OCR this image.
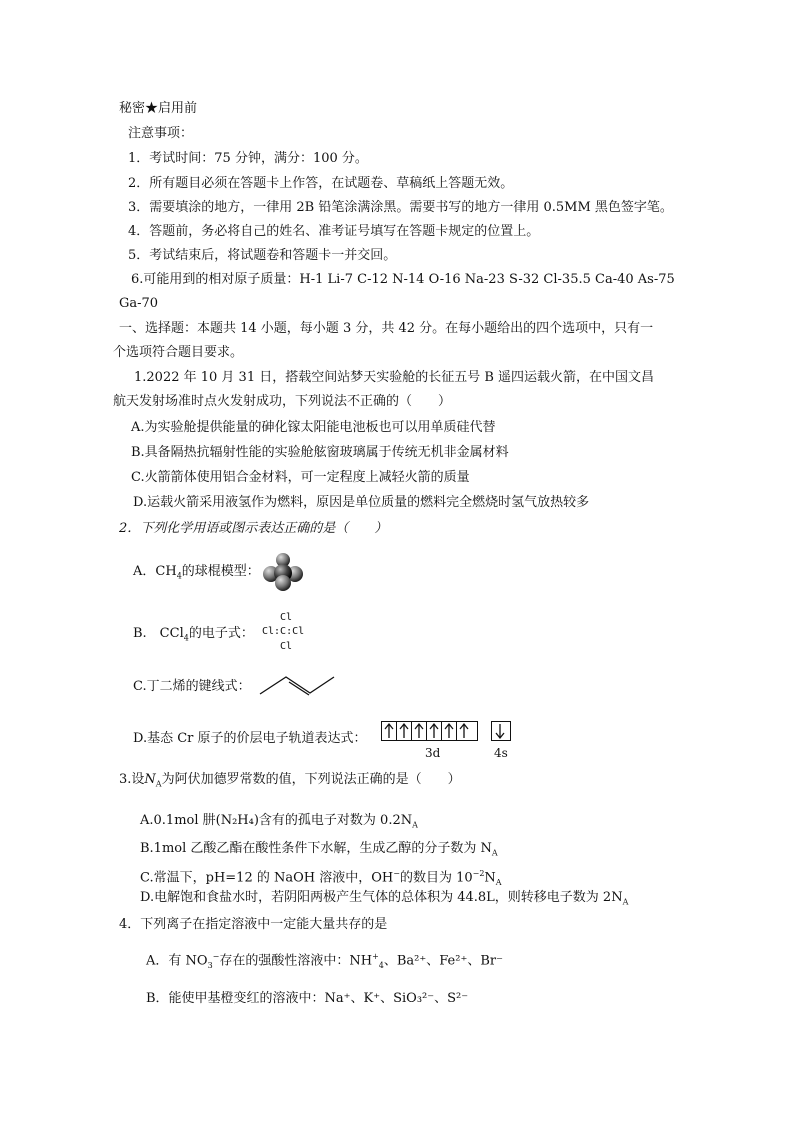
秘密★启用前
注意事项：
1．考试时间：75 分钟，满分：100 分。
2．所有题目必须在答题卡上作答，在试题卷、草稿纸上答题无效。
3．需要填涂的地方，一律用 2B 铅笔涂满涂黑。需要书写的地方一律用 0.5MM 黑色签字笔。
4．答题前，务必将自己的姓名、准考证号填写在答题卡规定的位置上。
5．考试结束后，将试题卷和答题卡一并交回。
6.可能用到的相对原子质量：H-1 Li-7 C-12 N-14 O-16 Na-23 S-32 Cl-35.5 Ca-40 As-75
Ga-70
一、选择题：本题共 14 小题，每小题 3 分，共 42 分。在每小题给出的四个选项中，只有一
个选项符合题目要求。
1.2022 年 10 月 31 日，搭载空间站梦天实验舱的长征五号 B 遥四运载火箭，在中国文昌
航天发射场准时点火发射成功，下列说法不正确的（　　）
A.为实验舱提供能量的砷化镓太阳能电池板也可以用单质硅代替
B.具备隔热抗辐射性能的实验舱舷窗玻璃属于传统无机非金属材料
C.火箭箭体使用铝合金材料，可一定程度上减轻火箭的质量
D.运载火箭采用液氢作为燃料，原因是单位质量的燃料完全燃烧时氢气放热较多
2．下列化学用语或图示表达正确的是（　　）
A．$CH_4$的球棍模型：
B.　CCl$_4$的电子式：
Cl
Cl:C:Cl
Cl
C.丁二烯的键线式：
D.基态 Cr 原子的价层电子轨道表达式：
3d	4s
3.设$N_A$为阿伏加德罗常数的值，下列说法正确的是（　　）
A.0.1mol 肼(N₂H₄)含有的孤电子对数为 $0.2N_A$
B.1mol 乙酸乙酯在酸性条件下水解，生成乙醇的分子数为 $N_A$
C.常温下，pH=12 的 NaOH 溶液中，OH−的数目为 $10^{-2}N_A$
D.电解饱和食盐水时，若阴阳两极产生气体的总体积为 44.8L，则转移电子数为 $2N_A$
4．下列离子在指定溶液中一定能大量共存的是
A．有 $NO_3^-$存在的强酸性溶液中：$NH^+_4$、Ba²⁺、Fe²⁺、Br⁻
B．能使甲基橙变红的溶液中：Na⁺、K⁺、SiO₃²⁻、S²⁻
